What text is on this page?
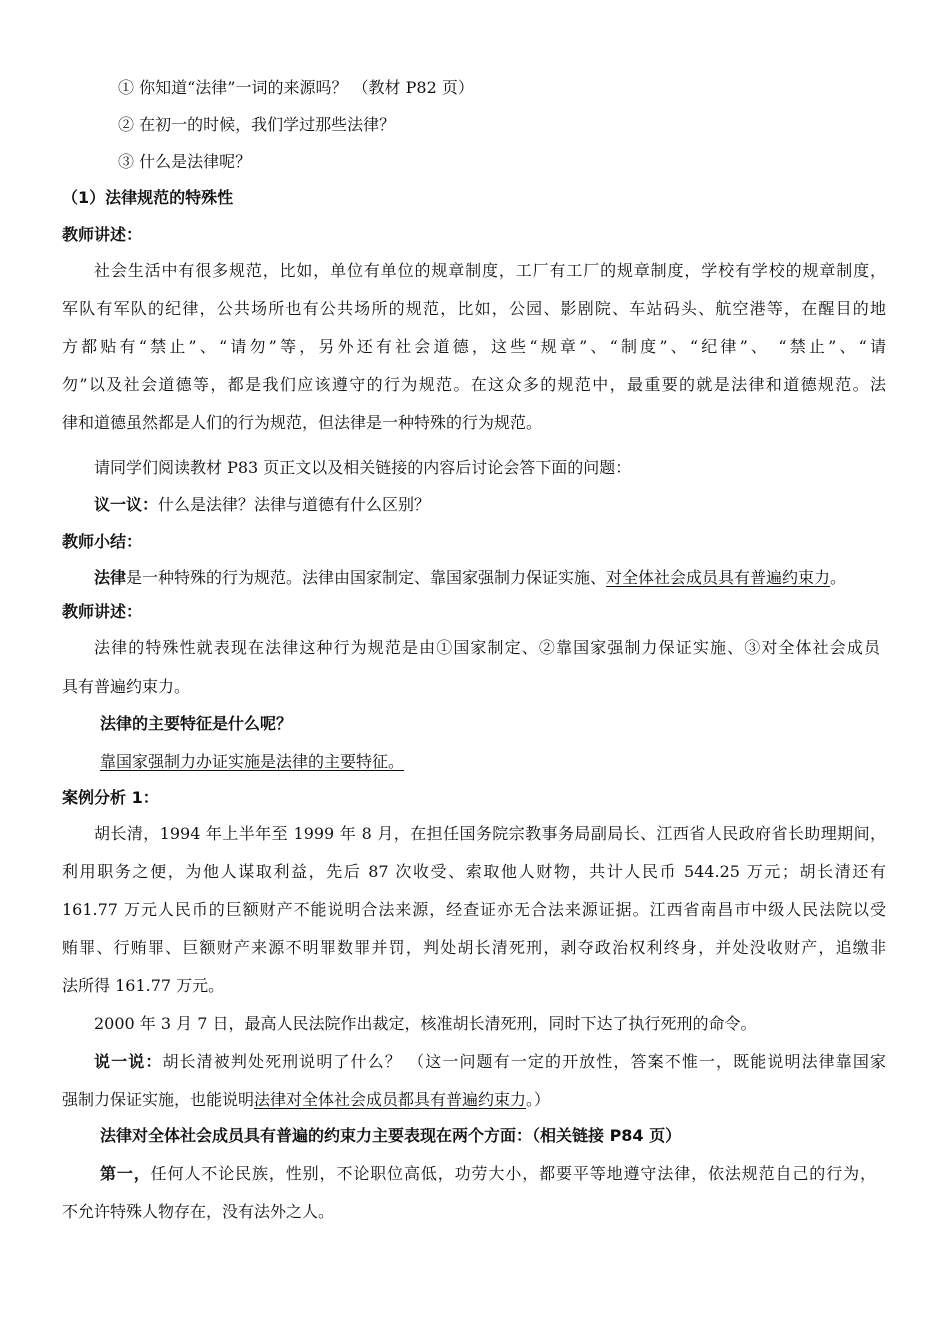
① 你知道“法律”一词的来源吗？ （教材 P82 页）
② 在初一的时候，我们学过那些法律？
③ 什么是法律呢？
（1）法律规范的特殊性
教师讲述：
社会生活中有很多规范，比如，单位有单位的规章制度，工厂有工厂的规章制度，学校有学校的规章制度，
军队有军队的纪律，公共场所也有公共场所的规范，比如，公园、影剧院、车站码头、航空港等，在醒目的地
方都贴有“禁止”、“请勿”等，另外还有社会道德，这些“规章”、“制度”、“纪律”、 “禁止”、“请
勿”以及社会道德等，都是我们应该遵守的行为规范。在这众多的规范中，最重要的就是法律和道德规范。法
律和道德虽然都是人们的行为规范，但法律是一种特殊的行为规范。
请同学们阅读教材 P83 页正文以及相关链接的内容后讨论会答下面的问题：
议一议：什么是法律？法律与道德有什么区别？
教师小结：
法律是一种特殊的行为规范。法律由国家制定、靠国家强制力保证实施、对全体社会成员具有普遍约束力。
教师讲述：
法律的特殊性就表现在法律这种行为规范是由①国家制定、②靠国家强制力保证实施、③对全体社会成员
具有普遍约束力。
法律的主要特征是什么呢？
靠国家强制力办证实施是法律的主要特征。
案例分析 1：
胡长清，1994 年上半年至 1999 年 8 月，在担任国务院宗教事务局副局长、江西省人民政府省长助理期间，
利用职务之便，为他人谋取利益，先后 87 次收受、索取他人财物，共计人民币 544.25 万元；胡长清还有
161.77 万元人民币的巨额财产不能说明合法来源，经查证亦无合法来源证据。江西省南昌市中级人民法院以受
贿罪、行贿罪、巨额财产来源不明罪数罪并罚，判处胡长清死刑，剥夺政治权利终身，并处没收财产，追缴非
法所得 161.77 万元。
2000 年 3 月 7 日，最高人民法院作出裁定，核准胡长清死刑，同时下达了执行死刑的命令。
说一说：胡长清被判处死刑说明了什么？ （这一问题有一定的开放性，答案不惟一，既能说明法律靠国家
强制力保证实施，也能说明法律对全体社会成员都具有普遍约束力。）
法律对全体社会成员具有普遍的约束力主要表现在两个方面：（相关链接 P84 页）
第一，任何人不论民族，性别，不论职位高低，功劳大小，都要平等地遵守法律，依法规范自己的行为，
不允许特殊人物存在，没有法外之人。
